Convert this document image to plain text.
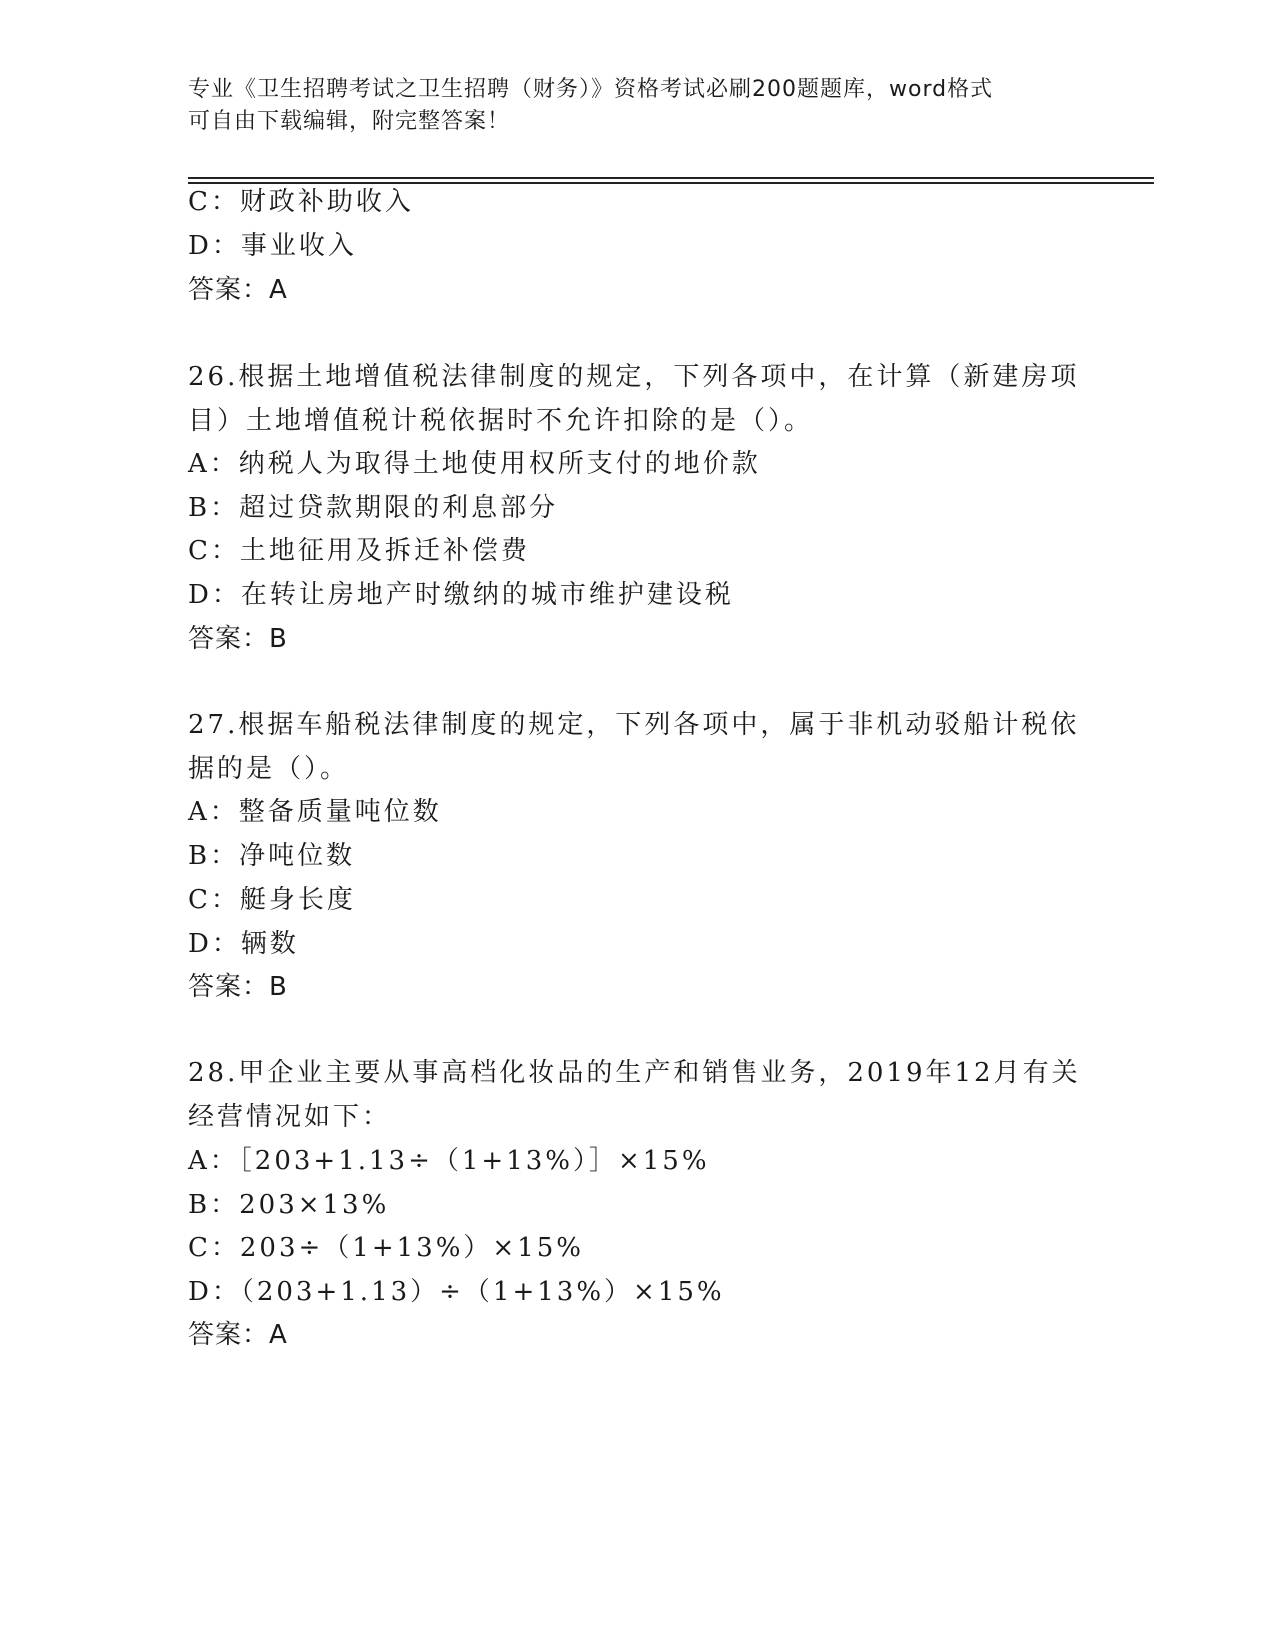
专业《卫生招聘考试之卫生招聘（财务）》资格考试必刷200题题库，word格式
可自由下载编辑，附完整答案！
C：财政补助收入
D：事业收入
答案：A
26.根据土地增值税法律制度的规定，下列各项中，在计算（新建房项
目）土地增值税计税依据时不允许扣除的是（）。
A：纳税人为取得土地使用权所支付的地价款
B：超过贷款期限的利息部分
C：土地征用及拆迁补偿费
D：在转让房地产时缴纳的城市维护建设税
答案：B
27.根据车船税法律制度的规定，下列各项中，属于非机动驳船计税依
据的是（）。
A：整备质量吨位数
B：净吨位数
C：艇身长度
D：辆数
答案：B
28.甲企业主要从事高档化妆品的生产和销售业务，2019年12月有关
经营情况如下：
A：［203+1.13÷（1+13%）］×15%
B：203×13%
C：203÷（1+13%）×15%
D：（203+1.13）÷（1+13%）×15%
答案：A
